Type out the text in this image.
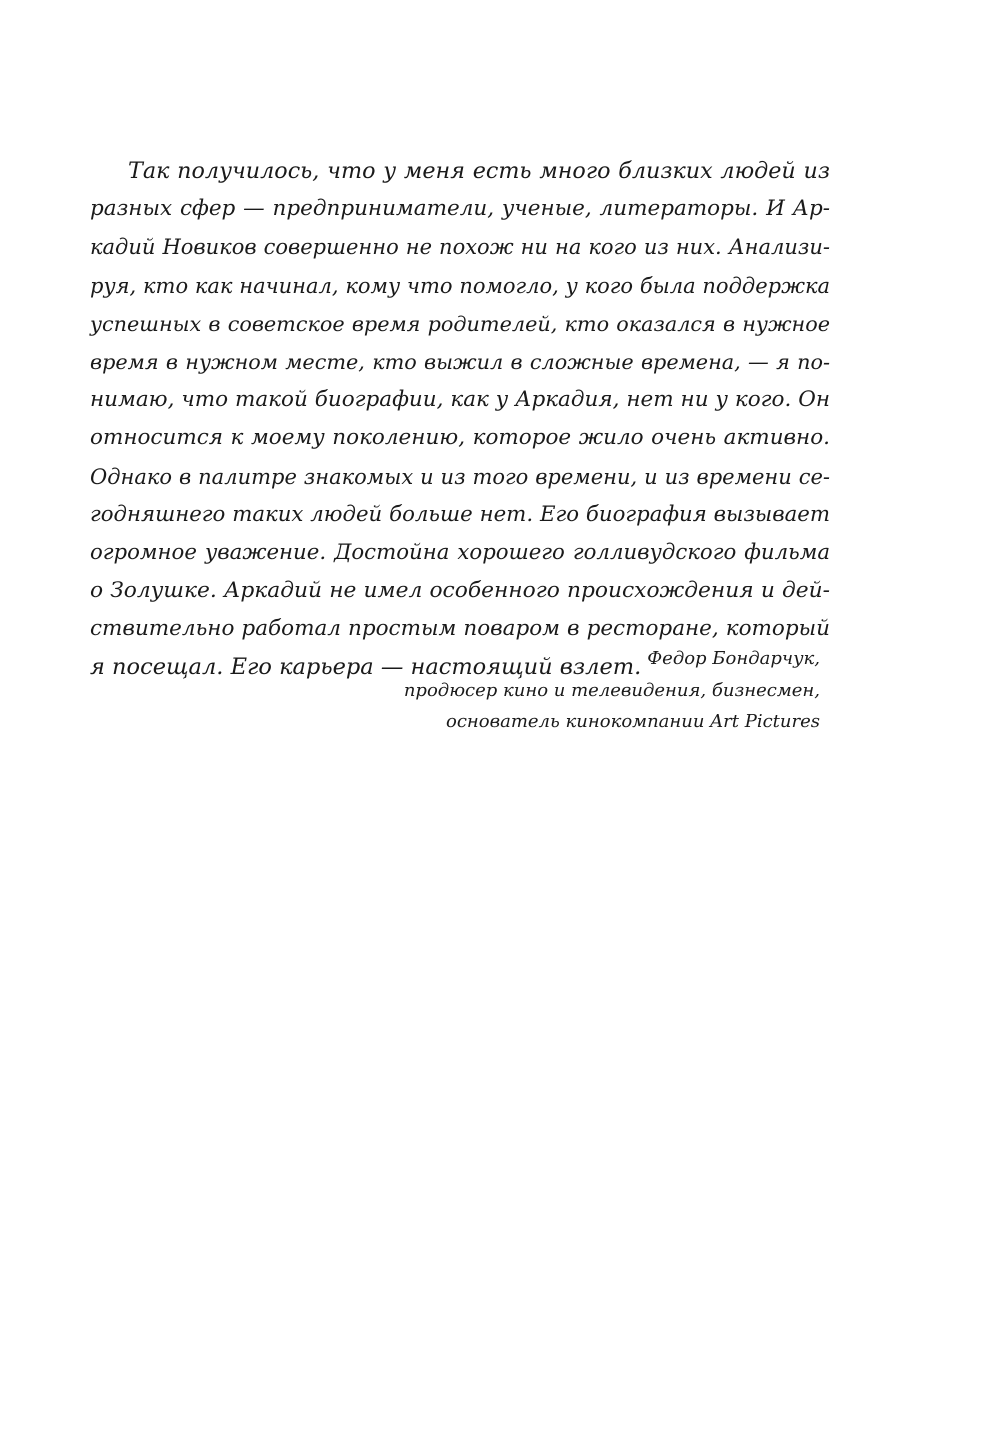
Так получилось, что у меня есть много близких людей из
разных сфер — предприниматели, ученые, литераторы. И Ар-
кадий Новиков совершенно не похож ни на кого из них. Анализи-
руя, кто как начинал, кому что помогло, у кого была поддержка
успешных в советское время родителей, кто оказался в нужное
время в нужном месте, кто выжил в сложные времена, — я по-
нимаю, что такой биографии, как у Аркадия, нет ни у кого. Он
относится к моему поколению, которое жило очень активно.
Однако в палитре знакомых и из того времени, и из времени се-
годняшнего таких людей больше нет. Его биография вызывает
огромное уважение. Достойна хорошего голливудского фильма
о Золушке. Аркадий не имел особенного происхождения и дей-
ствительно работал простым поваром в ресторане, который
я посещал. Его карьера — настоящий взлет. Федор Бондарчук,
продюсер кино и телевидения, бизнесмен,
основатель кинокомпании Art Pictures
